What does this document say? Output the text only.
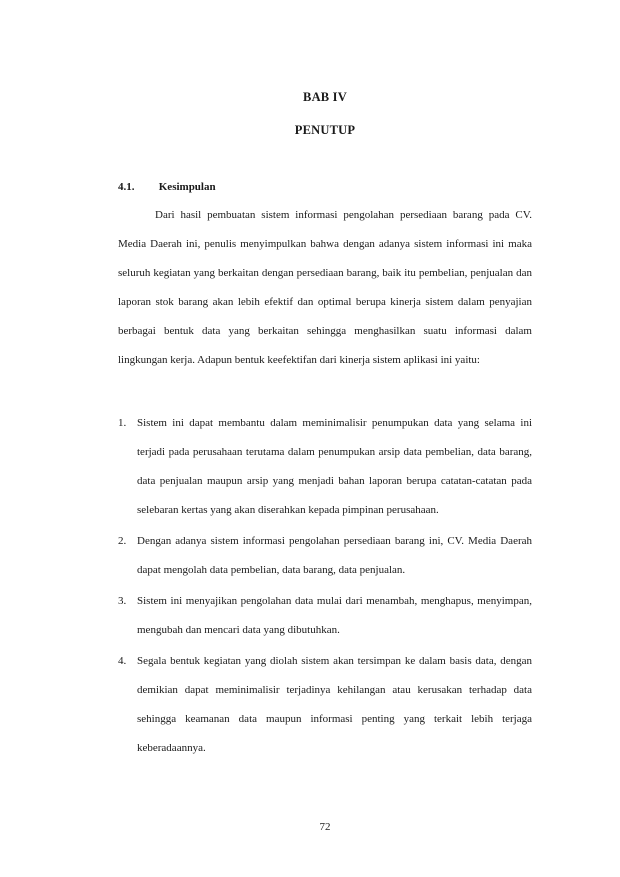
BAB IV
PENUTUP
4.1. Kesimpulan

Dari hasil pembuatan sistem informasi pengolahan persediaan barang pada CV. Media Daerah ini, penulis menyimpulkan bahwa dengan adanya sistem informasi ini maka seluruh kegiatan yang berkaitan dengan persediaan barang, baik itu pembelian, penjualan dan laporan stok barang akan lebih efektif dan optimal berupa kinerja sistem dalam penyajian berbagai bentuk data yang berkaitan sehingga menghasilkan suatu informasi dalam lingkungan kerja. Adapun bentuk keefektifan dari kinerja sistem aplikasi ini yaitu:

1. Sistem ini dapat membantu dalam meminimalisir penumpukan data yang selama ini terjadi pada perusahaan terutama dalam penumpukan arsip data pembelian, data barang, data penjualan maupun arsip yang menjadi bahan laporan berupa catatan-catatan pada selebaran kertas yang akan diserahkan kepada pimpinan perusahaan.
2. Dengan adanya sistem informasi pengolahan persediaan barang ini, CV. Media Daerah dapat mengolah data pembelian, data barang, data penjualan.
3. Sistem ini menyajikan pengolahan data mulai dari menambah, menghapus, menyimpan, mengubah dan mencari data yang dibutuhkan.
4. Segala bentuk kegiatan yang diolah sistem akan tersimpan ke dalam basis data, dengan demikian dapat meminimalisir terjadinya kehilangan atau kerusakan terhadap data sehingga keamanan data maupun informasi penting yang terkait lebih terjaga keberadaannya.
72
